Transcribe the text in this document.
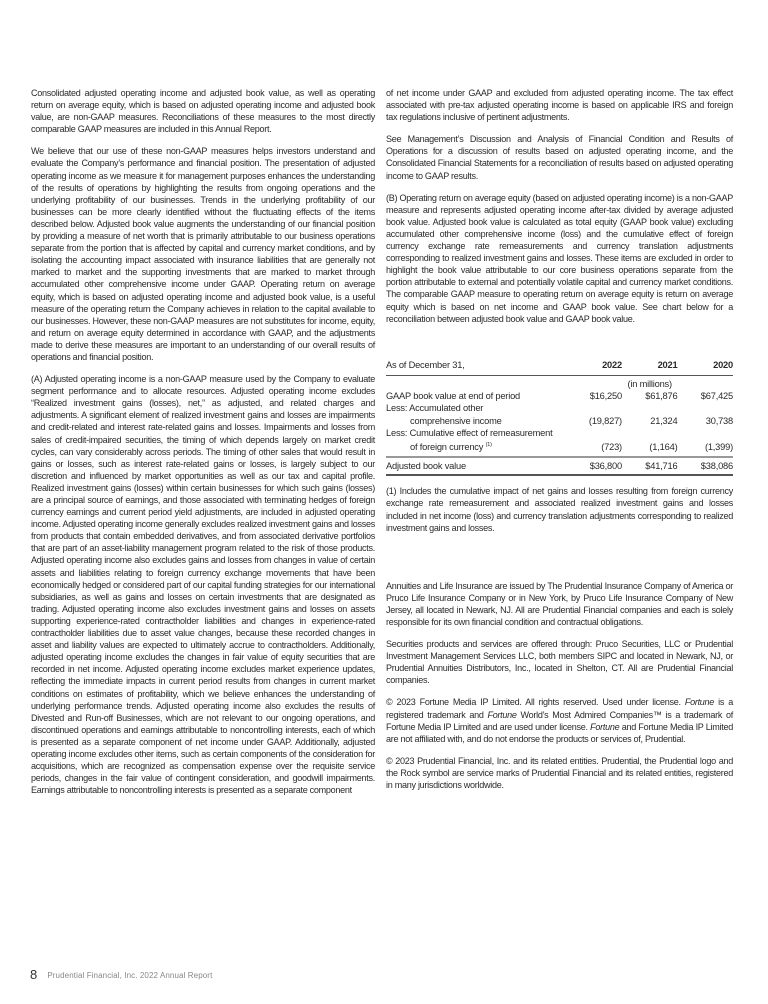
Consolidated adjusted operating income and adjusted book value, as well as operating return on average equity, which is based on adjusted operating income and adjusted book value, are non-GAAP measures. Reconciliations of these measures to the most directly comparable GAAP measures are included in this Annual Report.

We believe that our use of these non-GAAP measures helps investors understand and evaluate the Company’s performance and financial position. The presentation of adjusted operating income as we measure it for management purposes enhances the understanding of the results of operations by highlighting the results from ongoing operations and the underlying profitability of our businesses. Trends in the underlying profitability of our businesses can be more clearly identified without the fluctuating effects of the items described below. Adjusted book value augments the understanding of our financial position by providing a measure of net worth that is primarily attributable to our business operations separate from the portion that is affected by capital and currency market conditions, and by isolating the accounting impact associated with insurance liabilities that are generally not marked to market and the supporting investments that are marked to market through accumulated other comprehensive income under GAAP. Operating return on average equity, which is based on adjusted operating income and adjusted book value, is a useful measure of the operating return the Company achieves in relation to the capital available to our businesses. However, these non-GAAP measures are not substitutes for income, equity, and return on average equity determined in accordance with GAAP, and the adjustments made to derive these measures are important to an understanding of our overall results of operations and financial position.

(A) Adjusted operating income is a non-GAAP measure used by the Company to evaluate segment performance and to allocate resources. Adjusted operating income excludes “Realized investment gains (losses), net,” as adjusted, and related charges and adjustments. A significant element of realized investment gains and losses are impairments and credit-related and interest rate-related gains and losses. Impairments and losses from sales of credit-impaired securities, the timing of which depends largely on market credit cycles, can vary considerably across periods. The timing of other sales that would result in gains or losses, such as interest rate-related gains or losses, is largely subject to our discretion and influenced by market opportunities as well as our tax and capital profile. Realized investment gains (losses) within certain businesses for which such gains (losses) are a principal source of earnings, and those associated with terminating hedges of foreign currency earnings and current period yield adjustments, are included in adjusted operating income. Adjusted operating income generally excludes realized investment gains and losses from products that contain embedded derivatives, and from associated derivative portfolios that are part of an asset-liability management program related to the risk of those products. Adjusted operating income also excludes gains and losses from changes in value of certain assets and liabilities relating to foreign currency exchange movements that have been economically hedged or considered part of our capital funding strategies for our international subsidiaries, as well as gains and losses on certain investments that are designated as trading. Adjusted operating income also excludes investment gains and losses on assets supporting experience-rated contractholder liabilities and changes in experience-rated contractholder liabilities due to asset value changes, because these recorded changes in asset and liability values are expected to ultimately accrue to contractholders. Additionally, adjusted operating income excludes the changes in fair value of equity securities that are recorded in net income. Adjusted operating income excludes market experience updates, reflecting the immediate impacts in current period results from changes in current market conditions on estimates of profitability, which we believe enhances the understanding of underlying performance trends. Adjusted operating income also excludes the results of Divested and Run-off Businesses, which are not relevant to our ongoing operations, and discontinued operations and earnings attributable to noncontrolling interests, each of which is presented as a separate component of net income under GAAP. Additionally, adjusted operating income excludes other items, such as certain components of the consideration for acquisitions, which are recognized as compensation expense over the requisite service periods, changes in the fair value of contingent consideration, and goodwill impairments. Earnings attributable to noncontrolling interests is presented as a separate component

of net income under GAAP and excluded from adjusted operating income. The tax effect associated with pre-tax adjusted operating income is based on applicable IRS and foreign tax regulations inclusive of pertinent adjustments.

See Management’s Discussion and Analysis of Financial Condition and Results of Operations for a discussion of results based on adjusted operating income, and the Consolidated Financial Statements for a reconciliation of results based on adjusted operating income to GAAP results.

(B) Operating return on average equity (based on adjusted operating income) is a non-GAAP measure and represents adjusted operating income after-tax divided by average adjusted book value. Adjusted book value is calculated as total equity (GAAP book value) excluding accumulated other comprehensive income (loss) and the cumulative effect of foreign currency exchange rate remeasurements and currency translation adjustments corresponding to realized investment gains and losses. These items are excluded in order to highlight the book value attributable to our core business operations separate from the portion attributable to external and potentially volatile capital and currency market conditions. The comparable GAAP measure to operating return on average equity is return on average equity which is based on net income and GAAP book value. See chart below for a reconciliation between adjusted book value and GAAP book value.

As of December 31,	2022	2021	2020
		(in millions)	
GAAP book value at end of period	$16,250	$61,876	$67,425
Less: Accumulated other			
comprehensive income	(19,827)	21,324	30,738
Less: Cumulative effect of remeasurement			
of foreign currency $^{(1)}$	(723)	(1,164)	(1,399)
Adjusted book value	$36,800	$41,716	$38,086

(1) Includes the cumulative impact of net gains and losses resulting from foreign currency exchange rate remeasurement and associated realized investment gains and losses included in net income (loss) and currency translation adjustments corresponding to realized investment gains and losses.

Annuities and Life Insurance are issued by The Prudential Insurance Company of America or Pruco Life Insurance Company or in New York, by Pruco Life Insurance Company of New Jersey, all located in Newark, NJ. All are Prudential Financial companies and each is solely responsible for its own financial condition and contractual obligations.

Securities products and services are offered through: Pruco Securities, LLC or Prudential Investment Management Services LLC, both members SIPC and located in Newark, NJ, or Prudential Annuities Distributors, Inc., located in Shelton, CT. All are Prudential Financial companies.

© 2023 Fortune Media IP Limited. All rights reserved. Used under license. Fortune is a registered trademark and Fortune World’s Most Admired Companies™ is a trademark of Fortune Media IP Limited and are used under license. Fortune and Fortune Media IP Limited are not affiliated with, and do not endorse the products or services of, Prudential.

© 2023 Prudential Financial, Inc. and its related entities. Prudential, the Prudential logo and the Rock symbol are service marks of Prudential Financial and its related entities, registered in many jurisdictions worldwide.

8 Prudential Financial, Inc. 2022 Annual Report
